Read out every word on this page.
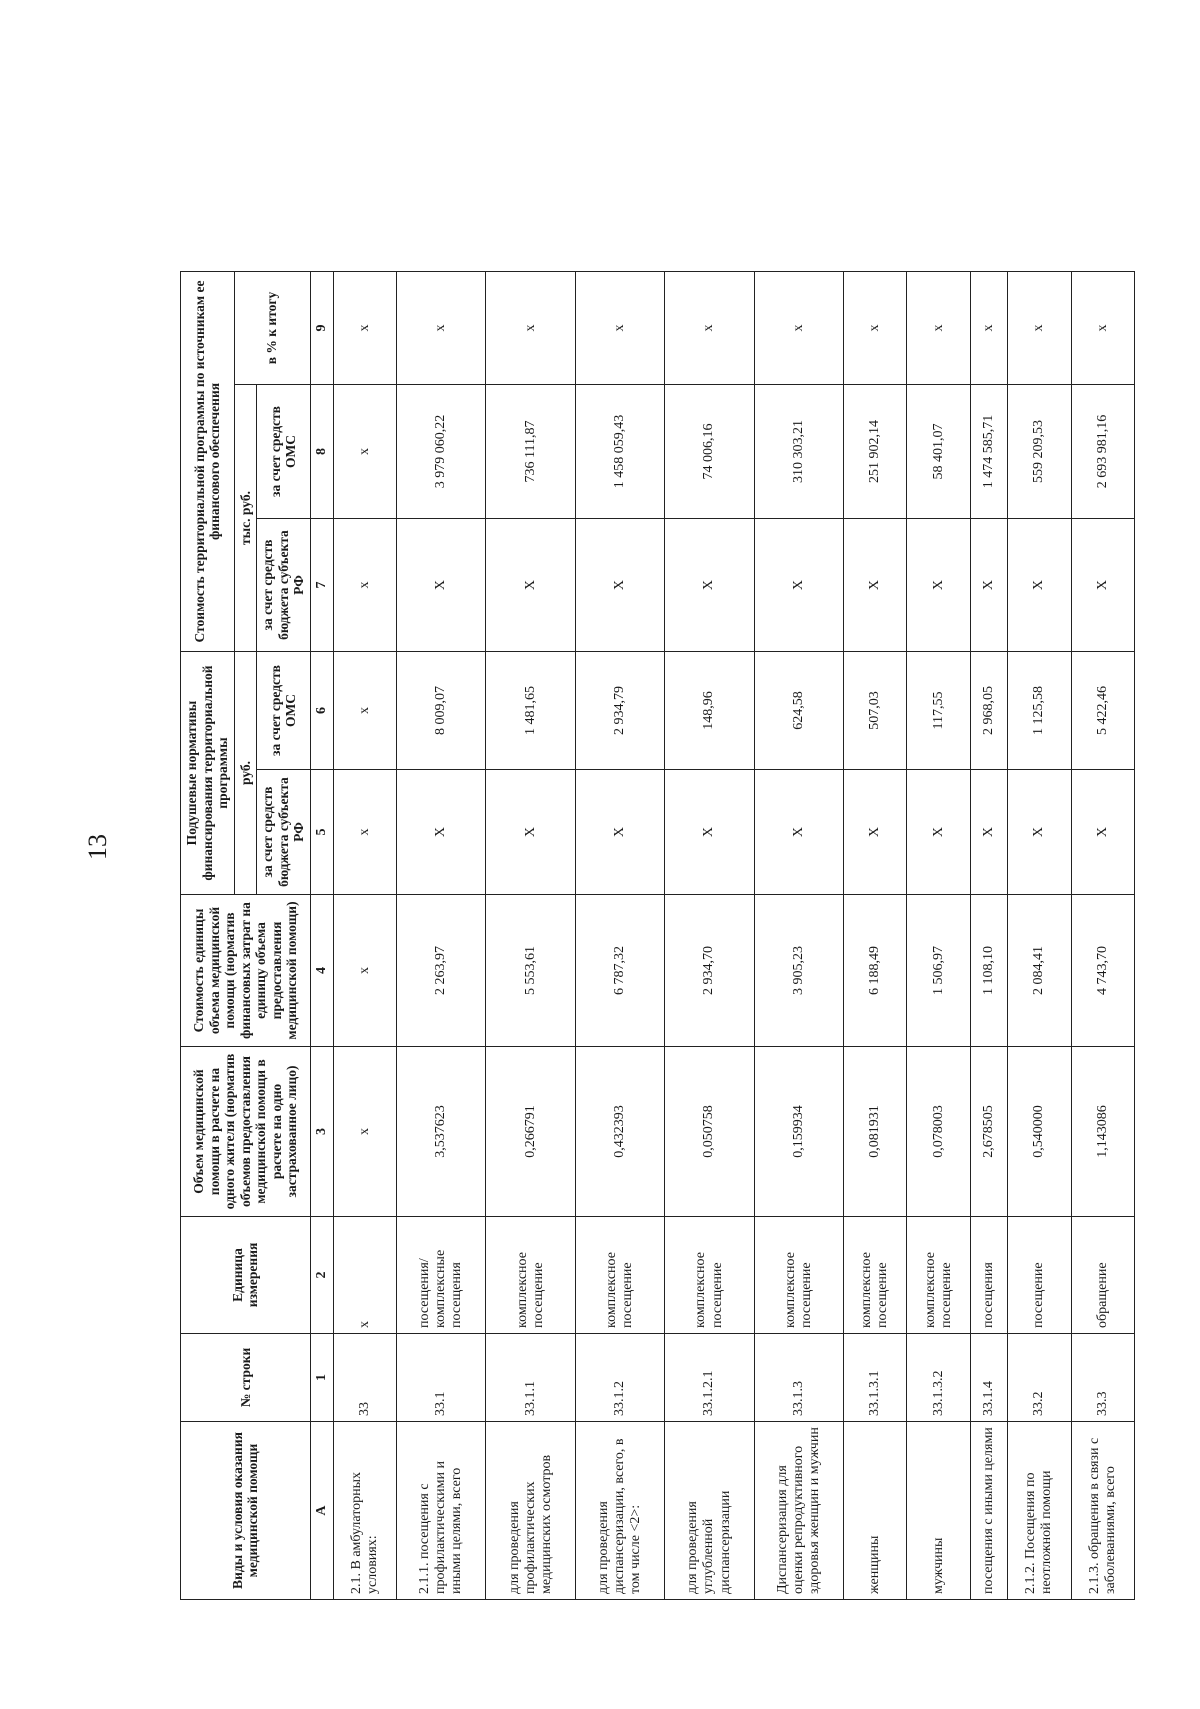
13
Виды и условия оказания медицинской помощи	№ строки	Единица измерения	Объем медицинской помощи в расчете на одного жителя (норматив объемов предоставления медицинской помощи в расчете на одно застрахованное лицо)	Стоимость единицы объема медицинской помощи (норматив финансовых затрат на единицу объема предоставления медицинской помощи)	Подушевые нормативы финансирования территориальной программы		Стоимость территориальной программы по источникам ее финансового обеспечения		
					руб.		тыс. руб.		в % к итогу
					за счет средств бюджета субъекта РФ	за счет средств ОМС	за счет средств бюджета субъекта РФ	за счет средств ОМС	
А	1	2	3	4	5	6	7	8	9
2.1. В амбулаторных условиях:	33	х	х	х	х	х	х	х	х
2.1.1. посещения с профилактическими и иными целями, всего	33.1	посещения/комплексные посещения	3,537623	2 263,97	Х	8 009,07	Х	3 979 060,22	х
для проведения профилактических медицинских осмотров	33.1.1	комплексное посещение	0,266791	5 553,61	Х	1 481,65	Х	736 111,87	х
для проведения диспансеризации, всего, в том числе <2>:	33.1.2	комплексное посещение	0,432393	6 787,32	Х	2 934,79	Х	1 458 059,43	х
для проведения углубленной диспансеризации	33.1.2.1	комплексное посещение	0,050758	2 934,70	Х	148,96	Х	74 006,16	х
Диспансеризация для оценки репродуктивного здоровья женщин и мужчин	33.1.3	комплексное посещение	0,159934	3 905,23	Х	624,58	Х	310 303,21	х
женщины	33.1.3.1	комплексное посещение	0,081931	6 188,49	Х	507,03	Х	251 902,14	х
мужчины	33.1.3.2	комплексное посещение	0,078003	1 506,97	Х	117,55	Х	58 401,07	х
посещения с иными целями	33.1.4	посещения	2,678505	1 108,10	Х	2 968,05	Х	1 474 585,71	х
2.1.2. Посещения по неотложной помощи	33.2	посещение	0,540000	2 084,41	Х	1 125,58	Х	559 209,53	х
2.1.3. обращения в связи с заболеваниями, всего	33.3	обращение	1,143086	4 743,70	Х	5 422,46	Х	2 693 981,16	х
